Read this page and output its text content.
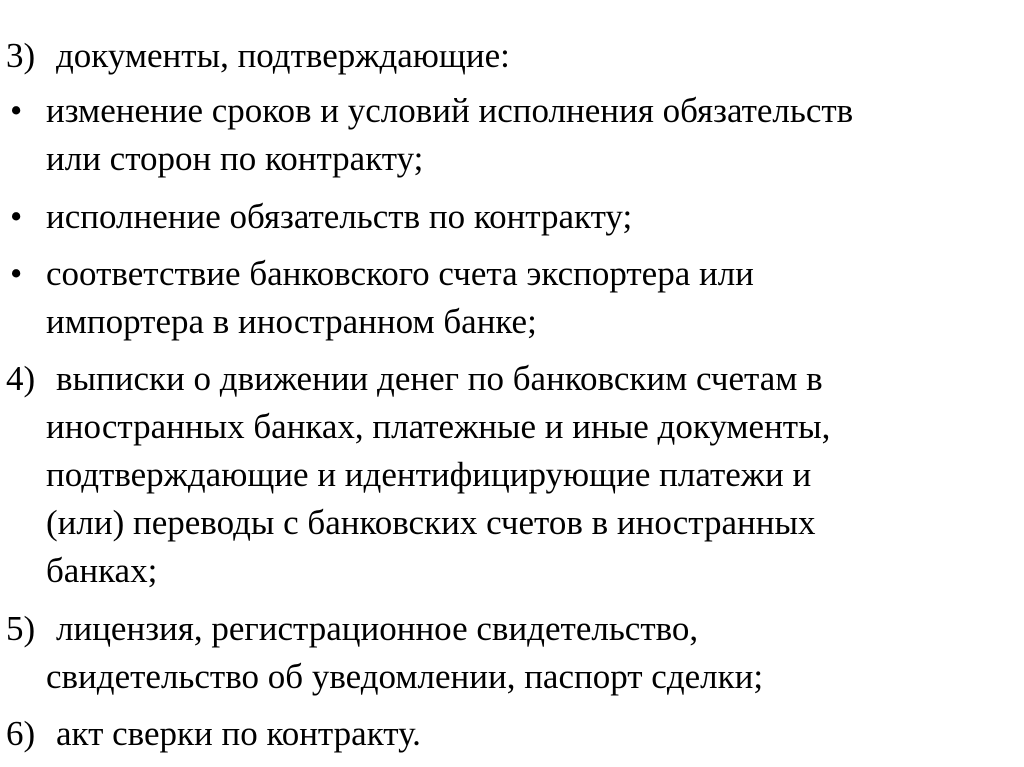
3) документы, подтверждающие:
• изменение сроков и условий исполнения обязательств
или сторон по контракту;
• исполнение обязательств по контракту;
• соответствие банковского счета экспортера или
импортера в иностранном банке;
4) выписки о движении денег по банковским счетам в
иностранных банках, платежные и иные документы,
подтверждающие и идентифицирующие платежи и
(или) переводы с банковских счетов в иностранных
банках;
5) лицензия, регистрационное свидетельство,
свидетельство об уведомлении, паспорт сделки;
6) акт сверки по контракту.
